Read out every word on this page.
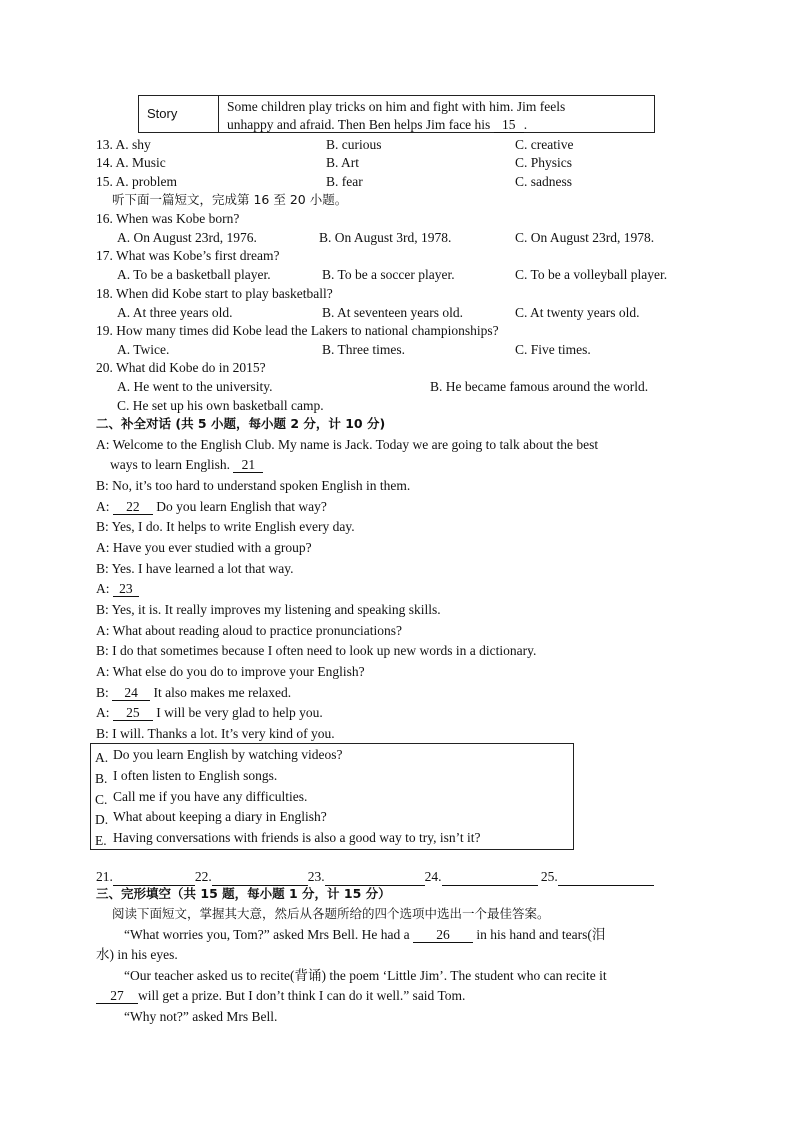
Story	Some children play tricks on him and fight with him. Jim feels
unhappy and afraid. Then Ben helps Jim face his 15 .
13. A. shy	B. curious	C. creative
14. A. Music	B. Art	C. Physics
15. A. problem	B. fear	C. sadness
听下面一篇短文，完成第 16 至 20 小题。
16. When was Kobe born?
A. On August 23rd, 1976.	B. On August 3rd, 1978.	C. On August 23rd, 1978.
17. What was Kobe’s first dream?
A. To be a basketball player.	B. To be a soccer player.	C. To be a volleyball player.
18. When did Kobe start to play basketball?
A. At three years old.	B. At seventeen years old.	C. At twenty years old.
19. How many times did Kobe lead the Lakers to national championships?
A. Twice.	B. Three times.	C. Five times.
20. What did Kobe do in 2015?
A. He went to the university.	B. He became famous around the world.
C. He set up his own basketball camp.
二、补全对话 (共 5 小题，每小题 2 分，计 10 分)
A: Welcome to the English Club. My name is Jack. Today we are going to talk about the best
ways to learn English. 21
B: No, it’s too hard to understand spoken English in them.
A: 22 Do you learn English that way?
B: Yes, I do. It helps to write English every day.
A: Have you ever studied with a group?
B: Yes. I have learned a lot that way.
A: 23
B: Yes, it is. It really improves my listening and speaking skills.
A: What about reading aloud to practice pronunciations?
B: I do that sometimes because I often need to look up new words in a dictionary.
A: What else do you do to improve your English?
B: 24 It also makes me relaxed.
A: 25 I will be very glad to help you.
B: I will. Thanks a lot. It’s very kind of you.
A. Do you learn English by watching videos?
B. I often listen to English songs.
C. Call me if you have any difficulties.
D. What about keeping a diary in English?
E. Having conversations with friends is also a good way to try, isn’t it?
21.	22.	23.	24.	25.
三、完形填空（共 15 题，每小题 1 分，计 15 分）
阅读下面短文，掌握其大意，然后从各题所给的四个选项中选出一个最佳答案。
“What worries you, Tom?” asked Mrs Bell. He had a 26 in his hand and tears(泪
水) in his eyes.
“Our teacher asked us to recite(背诵) the poem ‘Little Jim’. The student who can recite it
27 will get a prize. But I don’t think I can do it well.” said Tom.
“Why not?” asked Mrs Bell.
